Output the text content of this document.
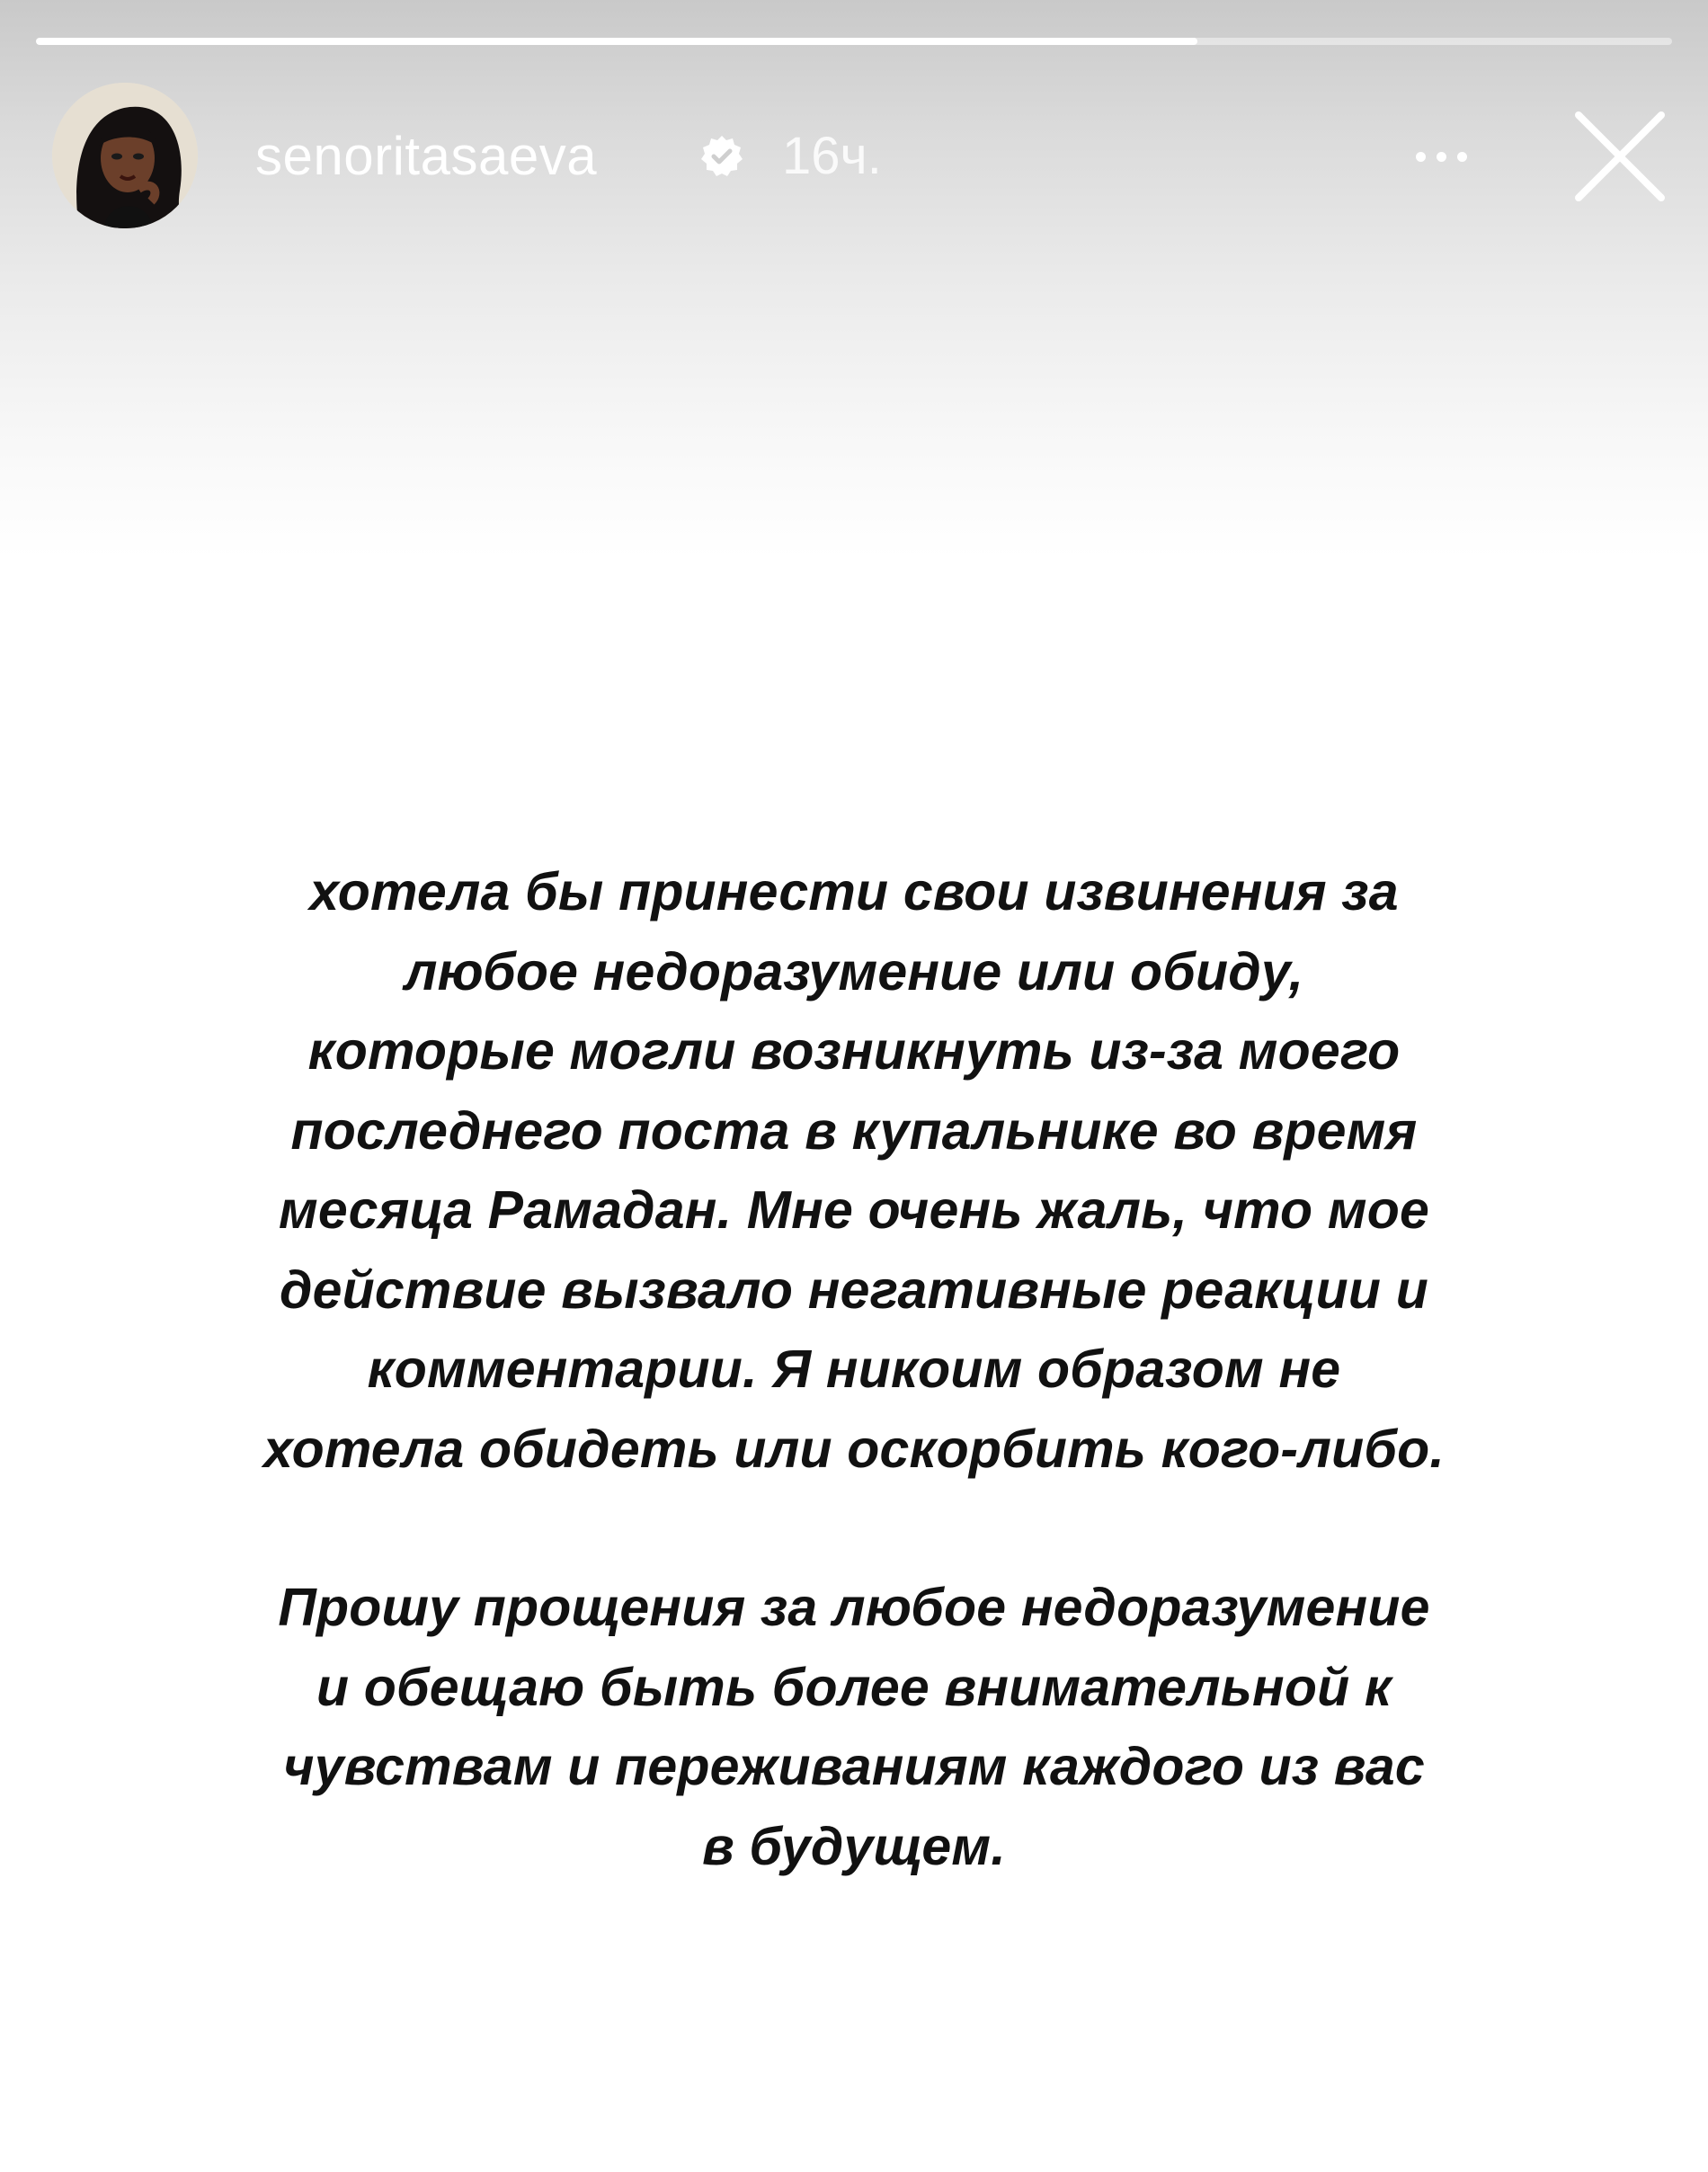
senoritasaeva	16ч.
хотела бы принести свои извинения за
любое недоразумение или обиду,
которые могли возникнуть из-за моего
последнего поста в купальнике во время
месяца Рамадан. Мне очень жаль, что мое
действие вызвало негативные реакции и
комментарии. Я никоим образом не
хотела обидеть или оскорбить кого-либо.
Прошу прощения за любое недоразумение
и обещаю быть более внимательной к
чувствам и переживаниям каждого из вас
в будущем.
